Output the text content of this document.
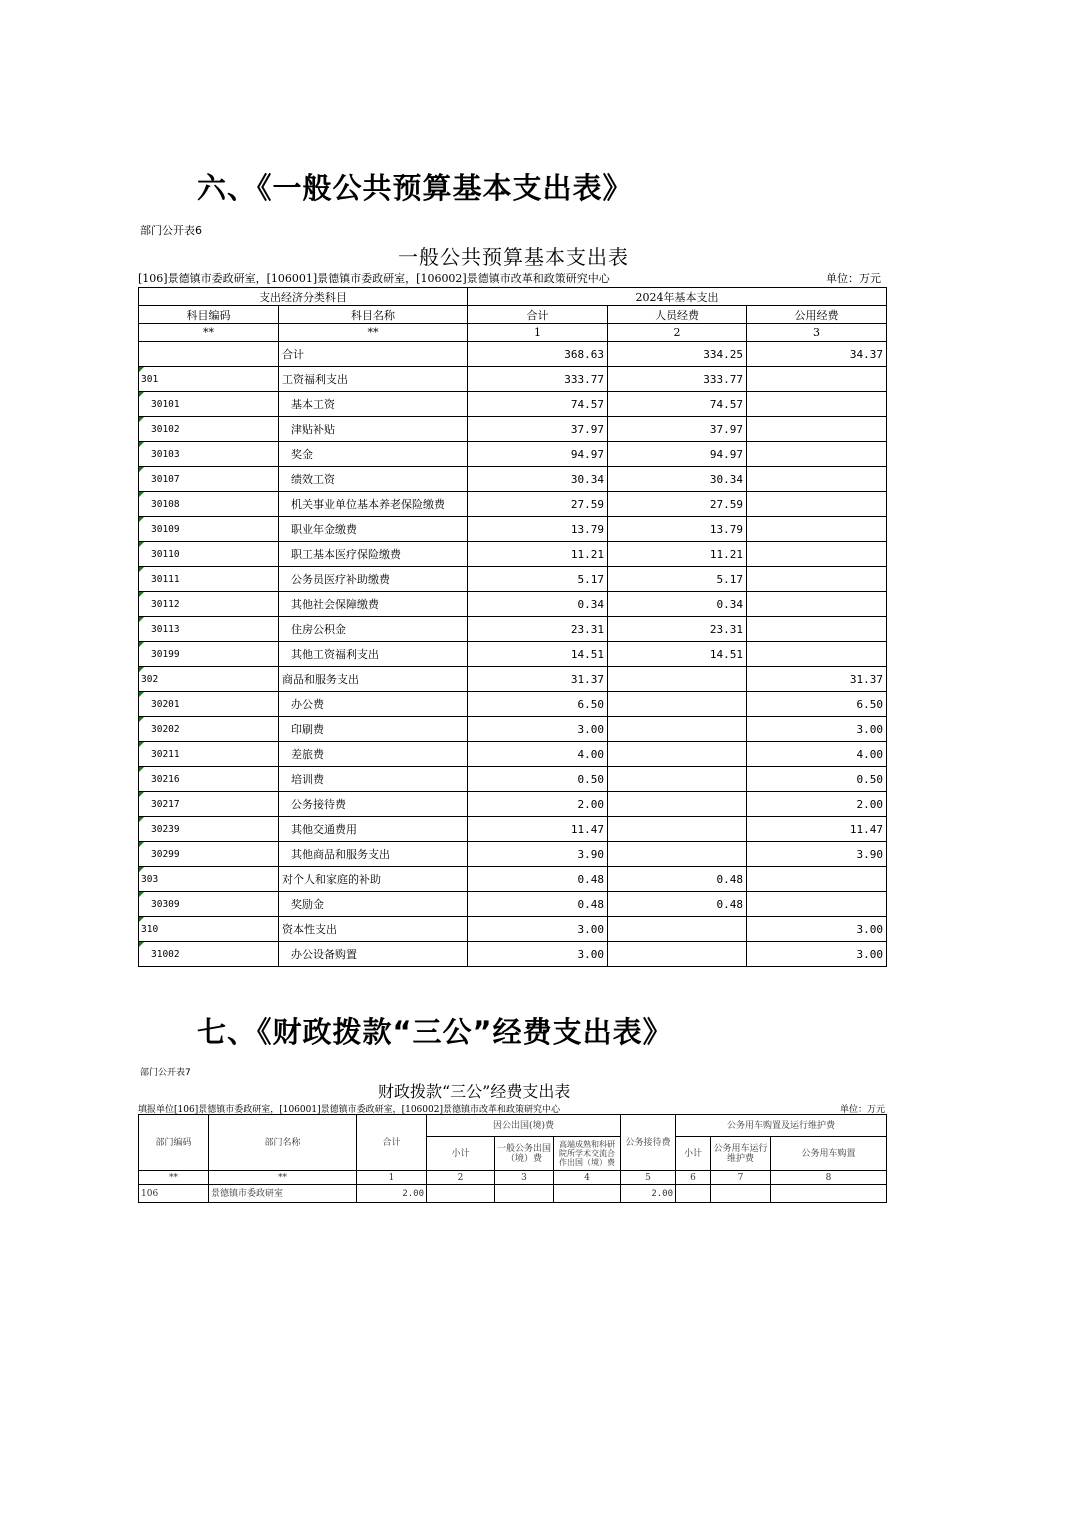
六、《一般公共预算基本支出表》
部门公开表6
一般公共预算基本支出表
[106]景德镇市委政研室，[106001]景德镇市委政研室，[106002]景德镇市改革和政策研究中心	单位：万元
支出经济分类科目		2024年基本支出		
科目编码	科目名称	合计	人员经费	公用经费
**	**	1	2	3
	合计	368.63	334.25	34.37
301	工资福利支出	333.77	333.77	
30101	基本工资	74.57	74.57	
30102	津贴补贴	37.97	37.97	
30103	奖金	94.97	94.97	
30107	绩效工资	30.34	30.34	
30108	机关事业单位基本养老保险缴费	27.59	27.59	
30109	职业年金缴费	13.79	13.79	
30110	职工基本医疗保险缴费	11.21	11.21	
30111	公务员医疗补助缴费	5.17	5.17	
30112	其他社会保障缴费	0.34	0.34	
30113	住房公积金	23.31	23.31	
30199	其他工资福利支出	14.51	14.51	
302	商品和服务支出	31.37		31.37
30201	办公费	6.50		6.50
30202	印刷费	3.00		3.00
30211	差旅费	4.00		4.00
30216	培训费	0.50		0.50
30217	公务接待费	2.00		2.00
30239	其他交通费用	11.47		11.47
30299	其他商品和服务支出	3.90		3.90
303	对个人和家庭的补助	0.48	0.48	
30309	奖励金	0.48	0.48	
310	资本性支出	3.00		3.00
31002	办公设备购置	3.00		3.00
七、《财政拨款“三公”经费支出表》
部门公开表7
财政拨款“三公”经费支出表
填报单位[106]景德镇市委政研室，[106001]景德镇市委政研室，[106002]景德镇市改革和政策研究中心	单位：万元
部门编码	部门名称	合计	因公出国(境)费			公务接待费	公务用车购置及运行维护费		
			小计	一般公务出国（境）费	高端成熟和科研院所学术交流合作出国（境）费		小计	公务用车运行维护费	公务用车购置
**	**	1	2	3	4	5	6	7	8
106	景德镇市委政研室	2.00				2.00			
